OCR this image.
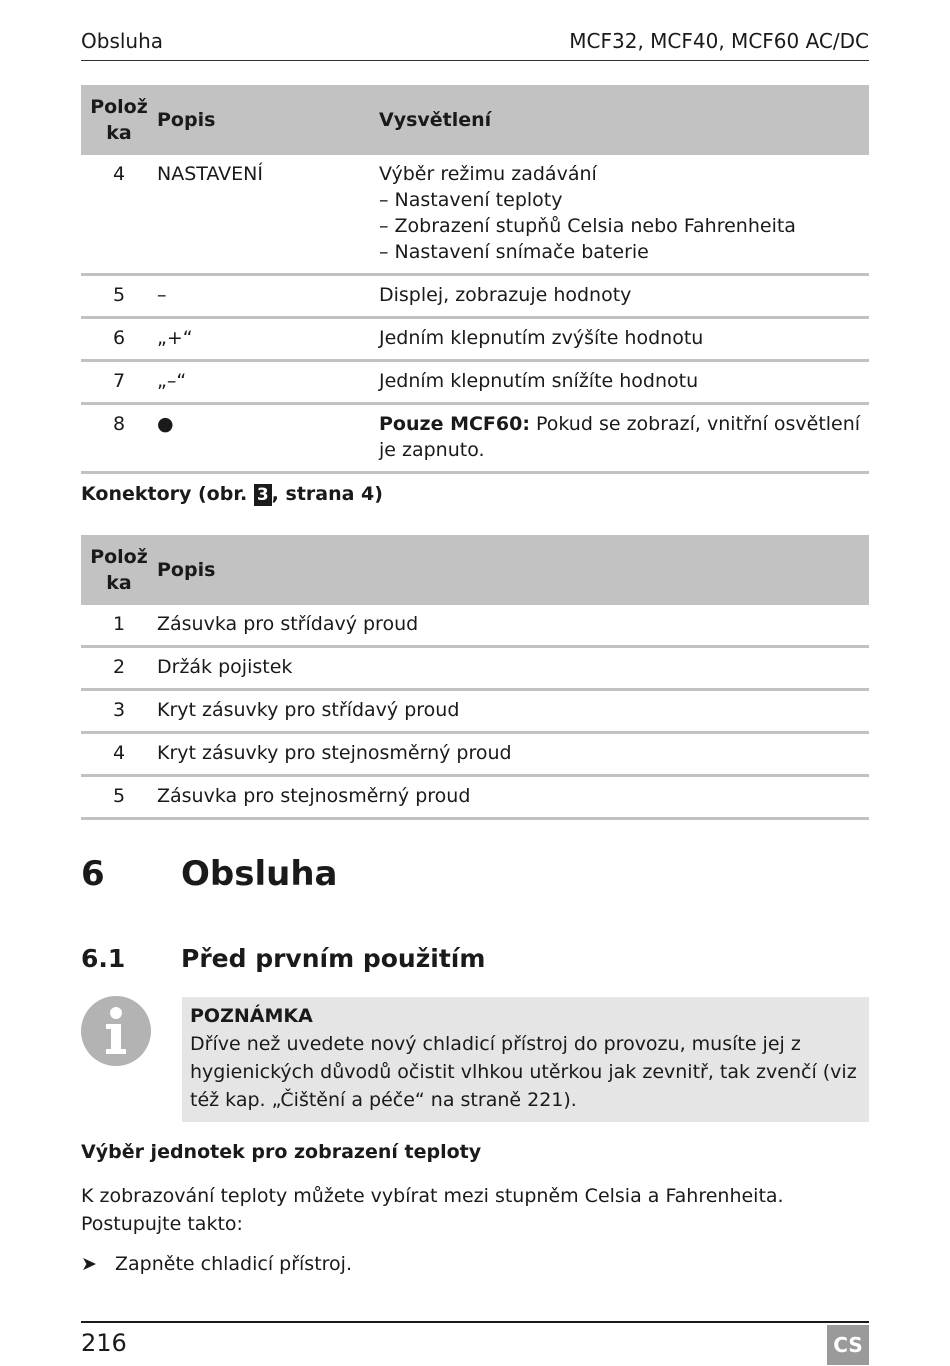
Obsluha	MCF32, MCF40, MCF60 AC/DC
Polož
ka	Popis	Vysvětlení
4	NASTAVENÍ	Výběr režimu zadávání
– Nastavení teploty
– Zobrazení stupňů Celsia nebo Fahrenheita
– Nastavení snímače baterie

5	–	Displej, zobrazuje hodnoty
6	„+“	Jedním klepnutím zvýšíte hodnotu
7	„–“	Jedním klepnutím snížíte hodnotu
8	●	Pouze MCF60: Pokud se zobrazí, vnitřní osvětlení je zapnuto.
Konektory (obr. 3 , strana 4)
Polož
ka	Popis
1	Zásuvka pro střídavý proud
2	Držák pojistek
3	Kryt zásuvky pro střídavý proud
4	Kryt zásuvky pro stejnosměrný proud
5	Zásuvka pro stejnosměrný proud
6 Obsluha
6.1 Před prvním použitím
POZNÁMKA
Dříve než uvedete nový chladicí přístroj do provozu, musíte jej z hygienických důvodů očistit vlhkou utěrkou jak zevnitř, tak zvenčí (viz též kap. „Čištění a péče“ na straně 221).
Výběr jednotek pro zobrazení teploty
K zobrazování teploty můžete vybírat mezi stupněm Celsia a Fahrenheita. Postupujte takto:
➤ Zapněte chladicí přístroj.
216	CS
